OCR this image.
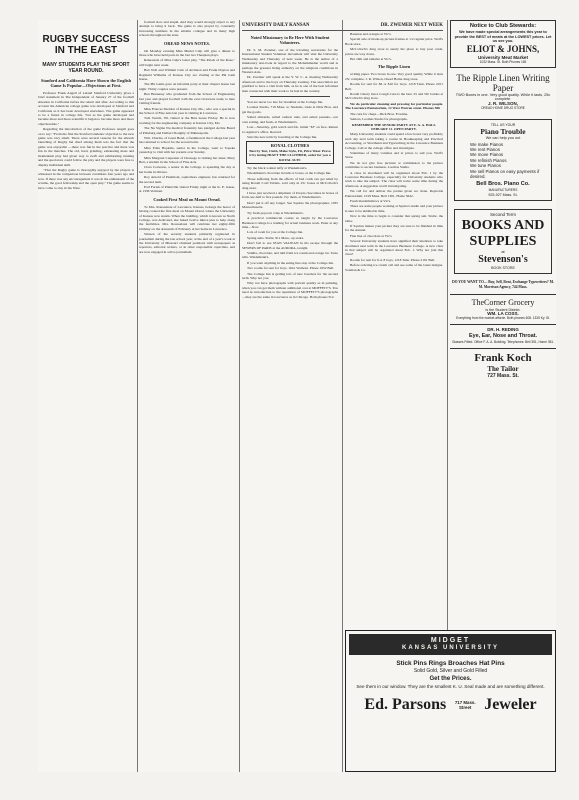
RUGBY SUCCESS IN THE EAST
MANY STUDENTS PLAY THE SPORT YEAR ROUND.
Stanford and California Have Shown the English Game Is Popular—Objections at First.

Professor Frank Angell of Leland Stanford University gives a brief statement in The Independent of January 27 of the football situation in California before the return and after. According to this account the American college game was developed at Stanford and California as it has been developed elsewhere. The game appeared to be a future in college life, "but as the game developed and became more and more scientific it began to become more and more objectionable."

Regarding the introduction of the game Professor Angell goes on to say: "From the first the Stanford students' objection to the new game was very small. There were several reasons for the smooth launching of Rugby but chief among them was the fact that the game was enjoyable —there was fun in the practice and there was fun in the matches. The old, hard, grinding, exhausting mass and momentum play had given way to swift and exhilarating running and the spectators could follow the play and the players were free to display individual skill.

"That the Rugby game is thoroughly enjoyed by the players is witnessed in the comparison between conditions four years ago and now. If there was any encouragement it was in the enthusiasm of the scrums, the good fellowship and the open play." The game seems to have come to stay in the West.

football slow and stupid. And they would strongly object to any attempt to bring it back. The game is also played by constantly increasing numbers in the smaller colleges and in many high schools throughout the state.

OREAD NEWS NOTES.

On Monday evening Miss Muriel Culp will give a dinner to those who have held parts in the last two Thespian plays.

Rehearsals of Miss Culp's latest play, "The Petals of the Rose," will begin next week.

Bob Noll and William Cain of Atchison and Frank Dayton and Reginald Williams of Kansas City are visiting at the Phi Gam house.

The Phi Gams gave an informal party at their chapter house last night. Thirty couples were present.

Ben Hennessy who graduated from the School of Engineering last year and played football with the ever-victorious team, is here visiting friends.

Miss Frances Sheldon of Kansas City, Mo., who was a special in the School of Fine Arts last year is visiting in Lawrence.

Tom Veatch, '09, visited at the Beta house Friday. He is now working for the engineering company at Kansas City, Mo.

The Nu Sigma Nu medical fraternity has pledged Archie Beard of Pittsburg and Delbert Doughty of Minneapolis.

Wm. Charles, of Great Bend, a freshman in the College last year has returned to school for the second term.

Miss Edna Hopkins, senior in the College, went to Topeka yesterday to visit with her parents over Sunday.

Miss Margaret Carpenter of Osawego is visiting her sister, Mary Bett, a student in the School of Fine Arts.

Clara Converse, a senior in the College, is spending the day at her home in Ottawa.

Roy Arnold of Piedmont, sophomore engineer, has returned for the second term.

Earl Farish of Plainville visited Friday night at the K. E. house, at 1336 Vermont.

Cooked First Meal on Mount Oread.

To Mrs. Rousseleau of Lawrence, Kansas, belongs the honor of having cooked the first meal on Mount Oread, where the University of Kansas now stands. When the building, which is known as North College, was dedicated, she baked twelve mince pies to help along the festivities. Mrs. Rousselaux will celebrate her eighty-fifth birthday on the sixteenth of February at her home in Lawrence.

Sixteen of the seventy students primarily registered in journalism during the last school year, at the end of a year's work at the University of Missouri obtained positions with newspapers as reporters, editorial writers, or in other responsible capacities, and are now engaged in active journalism.

UNIVERSITY DAILY KANSAN	DR. ZWEMER NEXT WEEK
Noted Missionary to Be Here With Student Volunteers.

Dr. S. M. Zwemer, one of the traveling secretaries for the International Student Volunteer movement will visit the University Wednesday and Thursday of next week. He is the author of a missionary text-book in regard to the Mohammedan world and is perhaps the greatest living authority on the religious conditions in Western Asia.

Dr. Zwemer will speak at the Y. W. C. A. meeting Wednesday afternoon and to the boys on Thursday evening. The association are gratified to have a visit from him, as he is one of the best informed men connected with their work to be had in the country.

You are never too late for breakfast at the College Inn.

Loomas Studio, 719 Mass. st. Students, trade at Dick Bros. and get the goods.

Salted almonds, salted cashew nuts, and salted peanuts—our own salting, and fresh, at Wiedemann's.

Lost—Saturday, gold watch and fob, initial "M" on face. Return to registrar's office. Reward.

Start the new term by boarding at the College Inn.

ROYAL CLOTHES
Best by Test, Cloth, Make Style, Fit, Price Wear. Prove it by letting HIATT THE CLOTHIER, order for you a ROYAL SUIT.

Try the black walnut taffy at Wiedemann's.

Wiedemann's chocolate in bulk or boxes, at the College Inn.

Those suffering from the effects of bad colds can get relief by using Roxall Cold Tablets, sold only in 25c boxes at McColloch's drug store.

I have just received a shipment of Utopia chocolates in boxes of from one-half to five pounds. Try them, at Wiedemann's.

Don't put it off any longer. See Squires the photographer, 1035 Massachusetts.

Try fresh popcorn crisp at Wiedemann's.

A practical commercial course as taught by the Lawrence Business College is a training for actual business work. Enter at any time—Now.

Lots of room for you at the College Inn.

Spring suits. Stultz, 911 Mass., up stairs.

Don't fail to see JEAN VALJEAN in his escape through the SEWERS OF PARIS at the AURORA, tonight.

Vanilla, chocolate, and tutti frutti ice cream and orange ice. Taste tells. Wiedemann's.

If you want anything in the eating line stop at the College Inn.

Two rooms for rent for boys. 1041 Vermont. Phone 1652 Bell.

The College Inn is getting lots of new boarders for the second term. Why not you.

Why not have photographs with portrait quality as in painting, when you can get them without additional cost at MOFFETT'S. You need no introduction to the reputation of MOFFETT'S photographs—they are the same in Lawrence as in Chicago. Both phones 312.

Bananas and oranges at Vic's.

Special sale of made-up picture frames at 1/2 regular price. Wolf's Book store.

McColloch's drug store is surely the place to buy post cards, prices are way down.

Hot chili and tamales at Vic's.

The Ripple Linen

writing paper. Two boxes in one. Very good quality. While it lasts 25c complete. J. R. Wilson, Oread Home drug store.

Rooms for rent for $6 or $10 for boys. 1218 Tenn. Phone 2101 Bell.

Roxall Cherry Juice Cough Cure is the best. 25 and 50c bottles at McColloch's drug store.

We do particular cleaning and pressing for particular people. The Lawrence Pantatorium, 12 West Warren street. Phones 506

The cure for chaps—Dick Bros. Frostine.

Seniors, Loomas Studio for photographs.

REMEMBER THE SENIOR PARTY AT F. A. A. HALL FEBUARY 11. OPEN PARTY.

Many University students could spend a few hours very profitably each day next term taking a course in Bookkeeping and Practical Accounting, or Shorthand and Typewriting in the Lawrence Business College. Call at the college office and investigate.

Valentines of many varieties and at prices to suit you. Wolf's Store.

We do not give free pictures or commission to the picture committee to secure business. Loomas Studio.

A class in shorthand will be organized about Feb. 1 by the Lawrence Business College, especially for University students who wish to take the subject. The class will recite some time during the afternoon. A suggestion worth investigating.

We call for and deliver the parties given we clean. Reynolds Pantatorium, 1019 Mass. Bell 1361, Home 5642.

Fresh marshmallows at Vic's.

There are some people working at Squire's studio and your picture is sure to be skidded in time.

Now is the time to begin to consider that spring suit. Stultz, the tailor.

If Squires makes your picture they are sure to be finished in time for the Annual.

Fine line of chocolate at Vic's.

Several University students have signified their intention to take shorthand next term in the Lawrence Business College. A new class in that subject will be organized about Feb. 1. Why not join this class?

Rooms for rent for 6 or 8 boys, 1218 Tenn. Phone 2101 Bell.

Before ordering ice cream call and see some of the latest designs. Soxman & Co.

Notice to Club Stewards:
We have made special arrangements this year to provide the BEST of meats at the LOWEST prices. Let us see you.
ELIOT & JOHNS,
University Meat Market
1032 Mass. St. Both Phones 165
The Ripple Linen Writing Paper
TWO Boxes in one. Very good quality. While it lasts, 25c complete.
J. R. WILSON,
OREAD HOME DRUG STORE
TELL US YOUR
Piano Trouble
We can help you out
We make Pianos
We rent Pianos
We move Pianos
We refinish Pianos
We tune Pianos
We sell Pianos on easy payments if desired.
Bell Bros. Piano Co.
MANUFACTURERS
925-927 Mass. St.
Second Term
BOOKS AND SUPPLIES
at
Stevenson's
BOOK STORE
DO YOU WANT TO— Buy, Sell, Rent, Exchange Typewriters? M. M. Morrison Agency, 744 Mass.
TheCorner Grocery
is the Student District.
WM. LA COSS.
Everything from the market afforde. Both phones 608. 1335 Ky. St.
DR. H. REDING
Eye, Ear, Nose and Throat.
Glasses Fitted. Office F. A. A. Building. Telephones: Bell 351, Home 351.
Frank Koch
The Tailor
727 Mass. St.
MIDGET
KANSAS UNIVERSITY
Stick Pins Rings Broaches Hat Pins
Solid Gold, Silver and Gold Filled
Get the Prices.
See them in our window. They are the smallest K. U. Seal made and are something different.
Ed. Parsons	717 Mass. Street Jeweler
